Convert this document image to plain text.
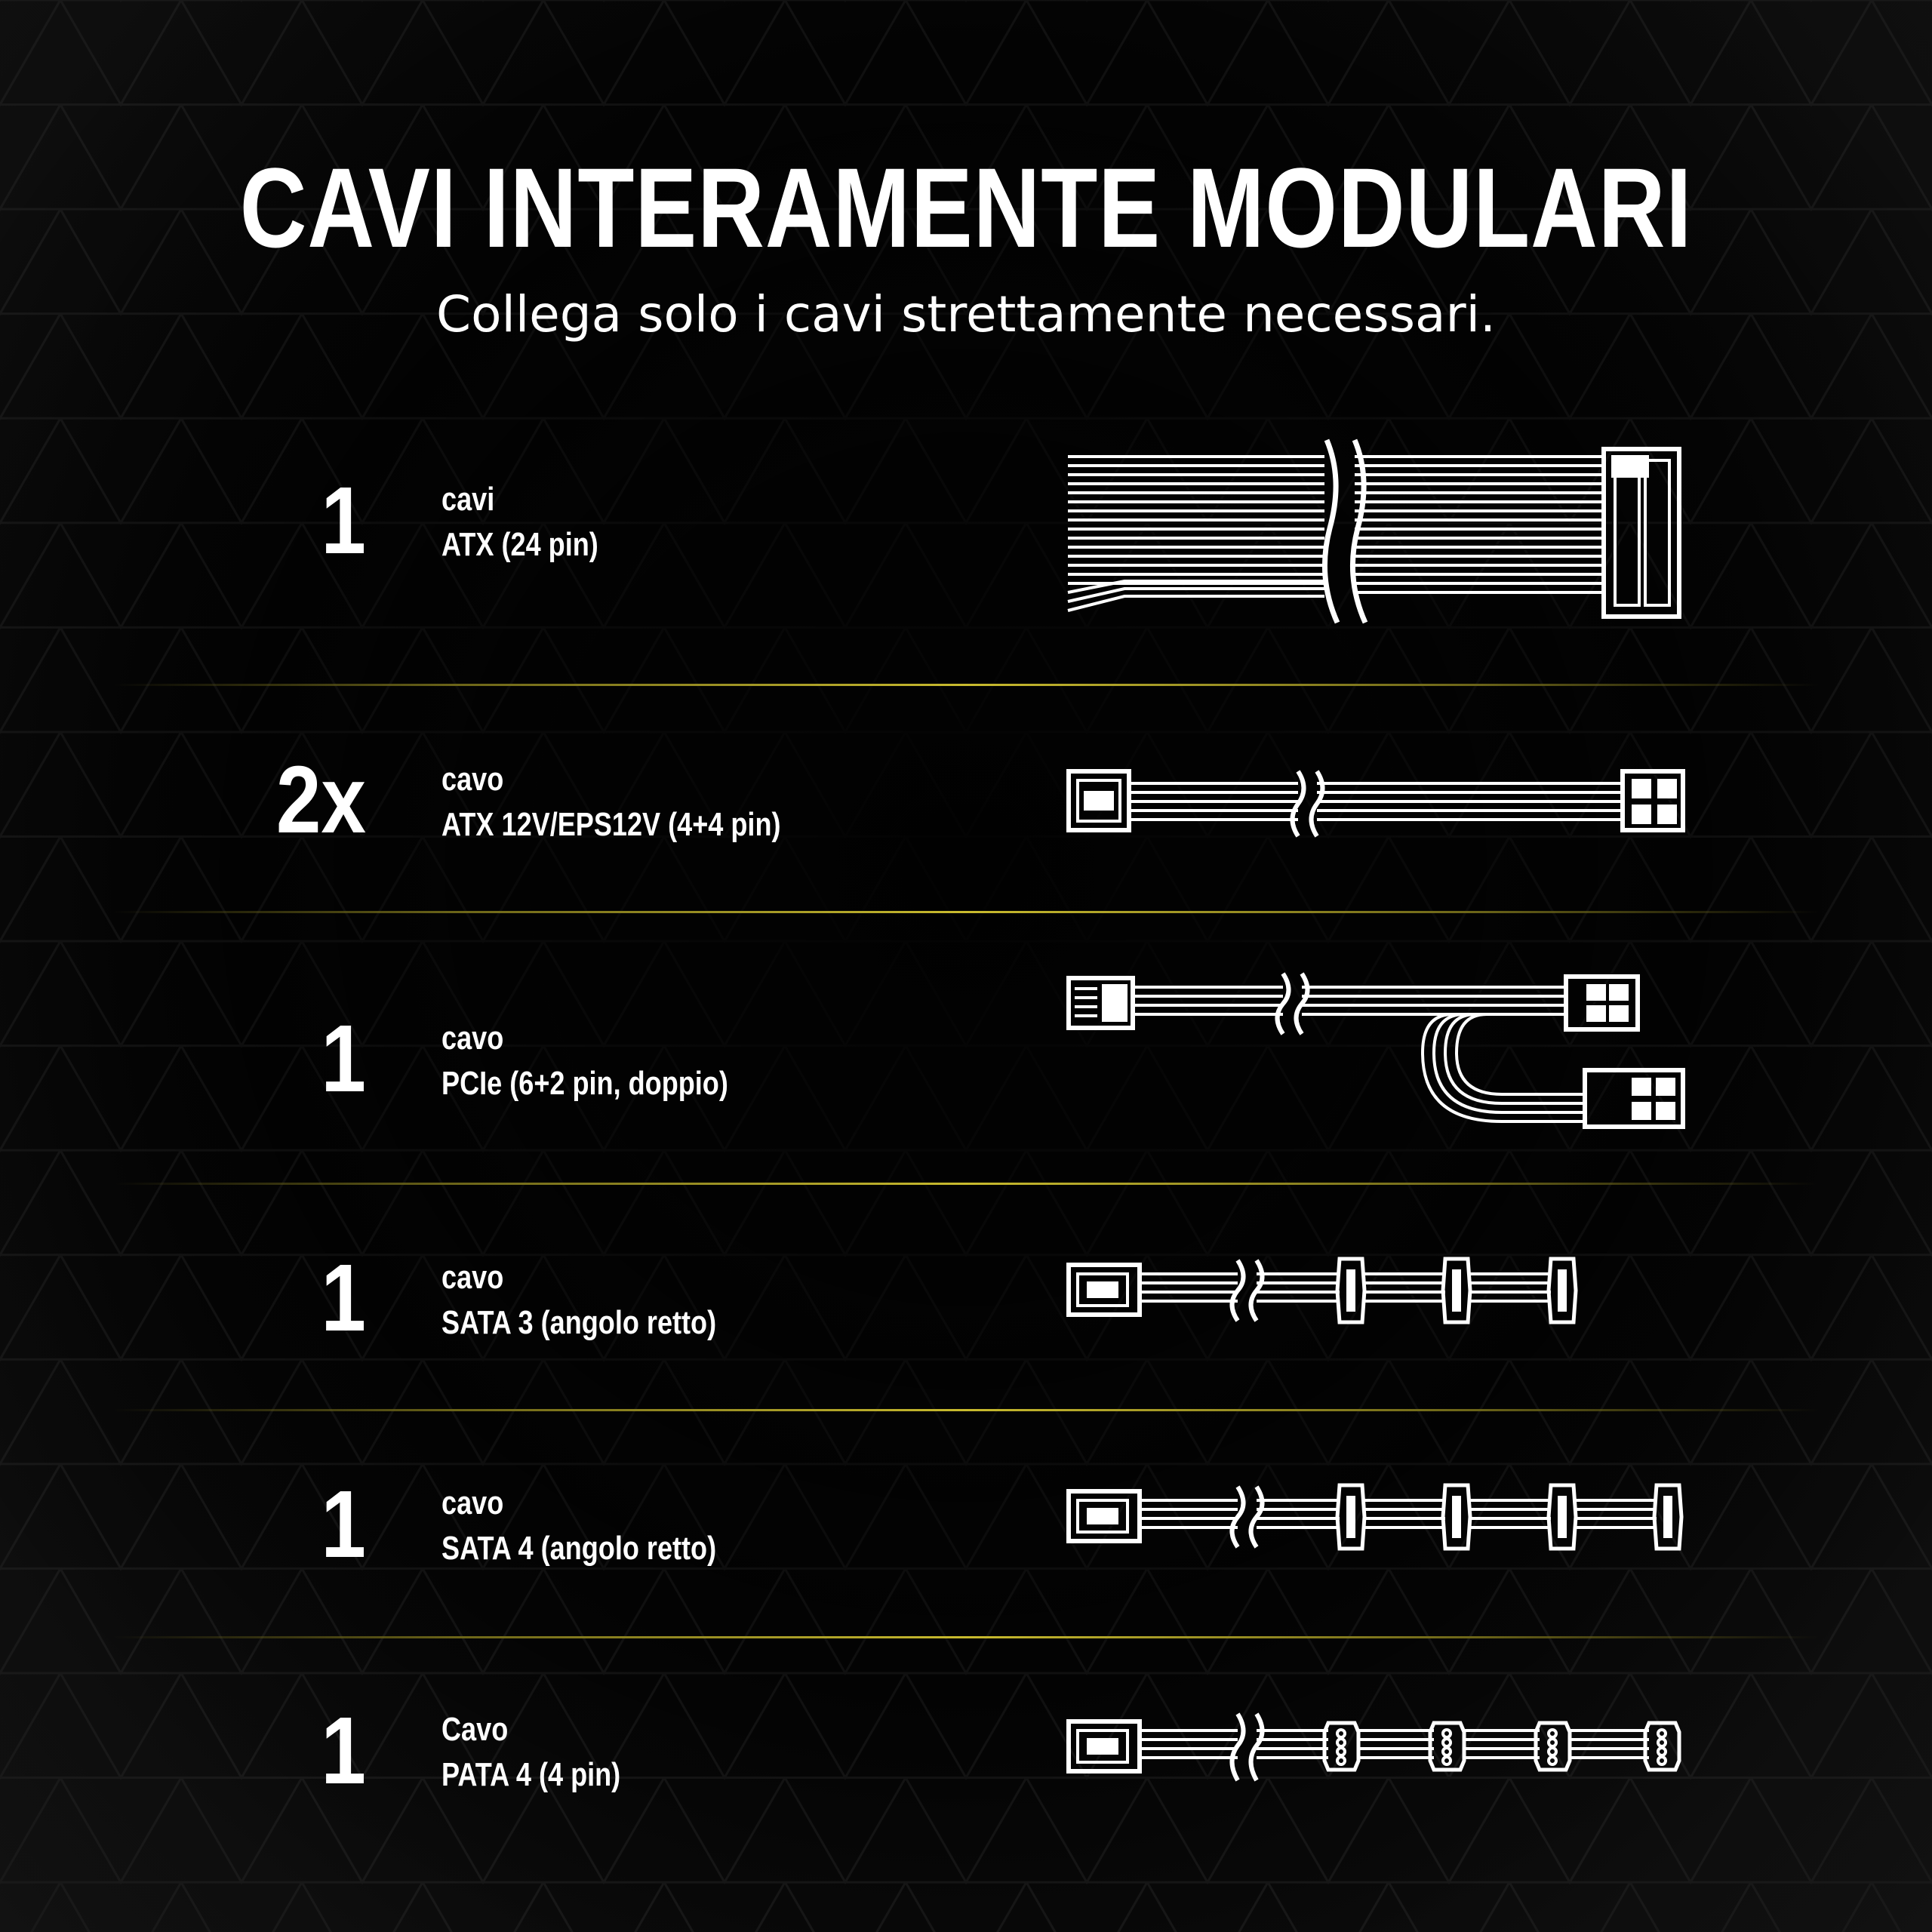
CAVI INTERAMENTE MODULARI
Collega solo i cavi strettamente necessari.
1 cavi
ATX (24 pin)
2x cavo
ATX 12V/EPS12V (4+4 pin)
1 cavo
PCIe (6+2 pin, doppio)
1 cavo
SATA 3 (angolo retto)
1 cavo
SATA 4 (angolo retto)
1 Cavo
PATA 4 (4 pin)
